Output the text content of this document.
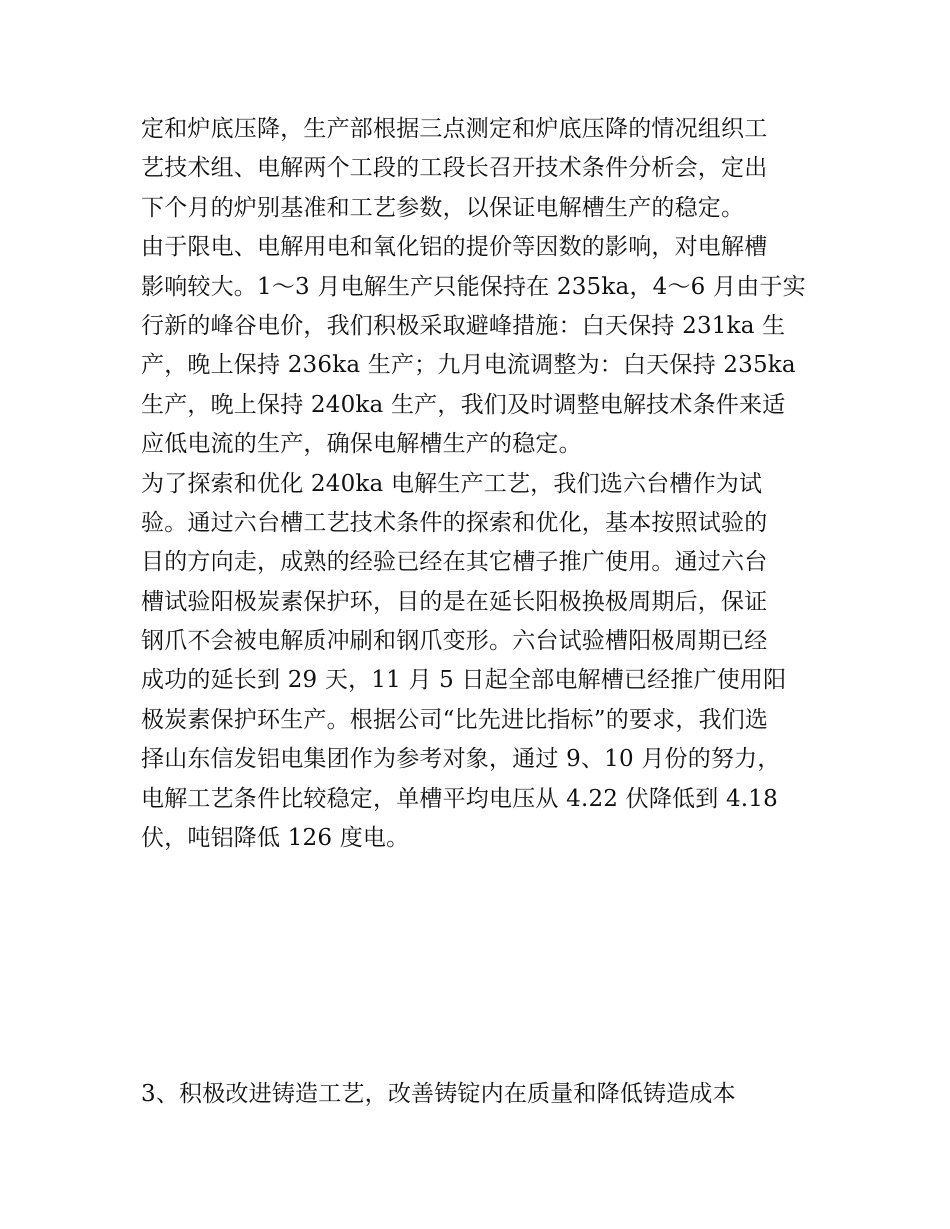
定和炉底压降，生产部根据三点测定和炉底压降的情况组织工
艺技术组、电解两个工段的工段长召开技术条件分析会，定出
下个月的炉别基准和工艺参数，以保证电解槽生产的稳定。
由于限电、电解用电和氧化铝的提价等因数的影响，对电解槽
影响较大。1～3 月电解生产只能保持在 235ka，4～6 月由于实
行新的峰谷电价，我们积极采取避峰措施：白天保持 231ka 生
产，晚上保持 236ka 生产；九月电流调整为：白天保持 235ka
生产，晚上保持 240ka 生产，我们及时调整电解技术条件来适
应低电流的生产，确保电解槽生产的稳定。
为了探索和优化 240ka 电解生产工艺，我们选六台槽作为试
验。通过六台槽工艺技术条件的探索和优化，基本按照试验的
目的方向走，成熟的经验已经在其它槽子推广使用。通过六台
槽试验阳极炭素保护环，目的是在延长阳极换极周期后，保证
钢爪不会被电解质冲刷和钢爪变形。六台试验槽阳极周期已经
成功的延长到 29 天，11 月 5 日起全部电解槽已经推广使用阳
极炭素保护环生产。根据公司“比先进比指标”的要求，我们选
择山东信发铝电集团作为参考对象，通过 9、10 月份的努力，
电解工艺条件比较稳定，单槽平均电压从 4.22 伏降低到 4.18
伏，吨铝降低 126 度电。
3、积极改进铸造工艺，改善铸锭内在质量和降低铸造成本
